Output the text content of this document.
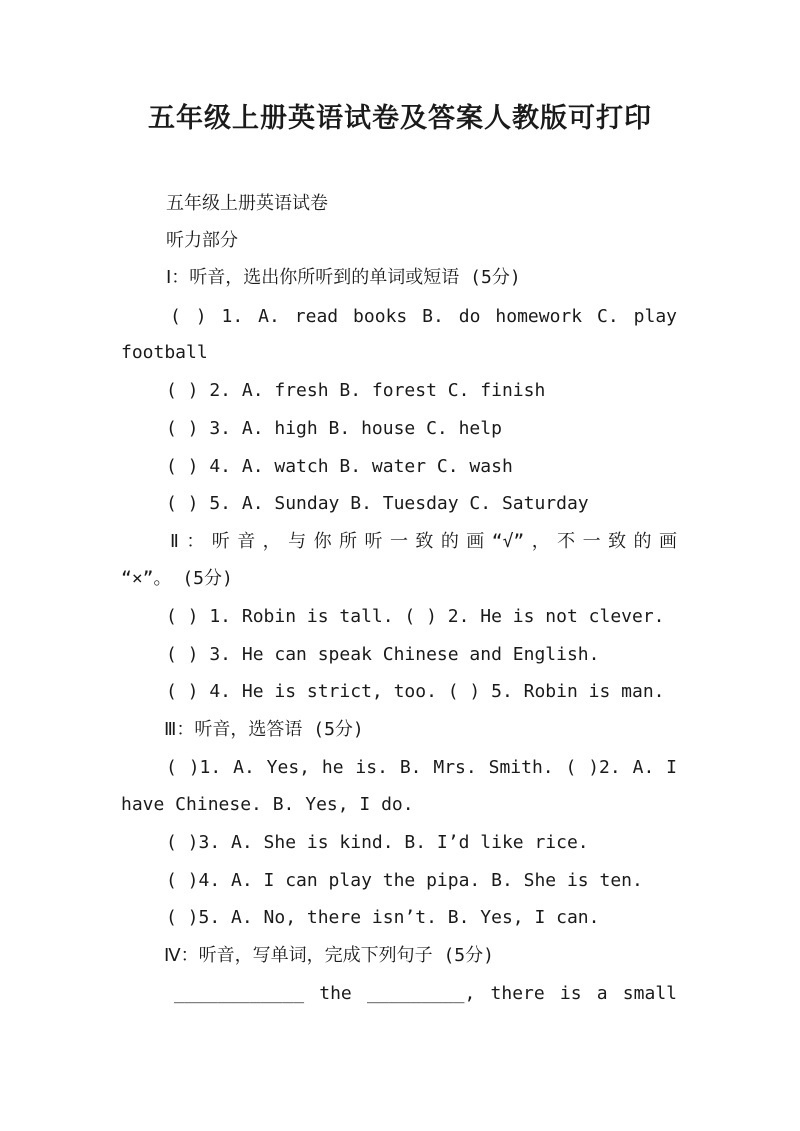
五年级上册英语试卷及答案人教版可打印
五年级上册英语试卷
听力部分
Ⅰ：听音，选出你所听到的单词或短语 (5分)
( ) 1. A. read books B. do homework C. play
football
( ) 2. A. fresh B. forest C. finish
( ) 3. A. high B. house C. help
( ) 4. A. watch B. water C. wash
( ) 5. A. Sunday B. Tuesday C. Saturday
Ⅱ：听音，与你所听一致的画“√”，不一致的画
“×”。 (5分)
( ) 1. Robin is tall. ( ) 2. He is not clever.
( ) 3. He can speak Chinese and English.
( ) 4. He is strict, too. ( ) 5. Robin is man.
Ⅲ：听音，选答语 (5分)
( )1. A. Yes, he is. B. Mrs. Smith. ( )2. A. I
have Chinese. B. Yes, I do.
( )3. A. She is kind. B. I’d like rice.
( )4. A. I can play the pipa. B. She is ten.
( )5. A. No, there isn’t. B. Yes, I can.
Ⅳ：听音，写单词，完成下列句子 (5分)
____________ the _________, there is a small
